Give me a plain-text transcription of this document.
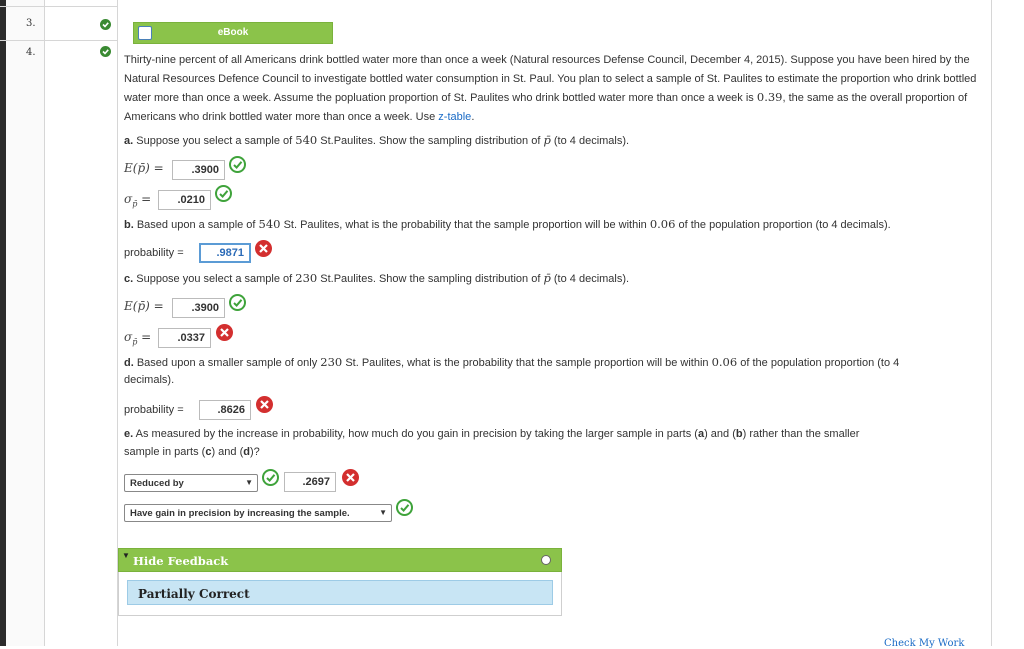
3.
4.
eBook
Thirty-nine percent of all Americans drink bottled water more than once a week (Natural resources Defense Council, December 4, 2015). Suppose you have been hired by the Natural Resources Defence Council to investigate bottled water consumption in St. Paul. You plan to select a sample of St. Paulites to estimate the proportion who drink bottled water more than once a week. Assume the popluation proportion of St. Paulites who drink bottled water more than once a week is 0.39, the same as the overall proportion of Americans who drink bottled water more than once a week. Use z-table.
a. Suppose you select a sample of 540 St.Paulites. Show the sampling distribution of p̄ (to 4 decimals).
E(p̄) =	.3900
$\sigma_{p̄}$ =	.0210
b. Based upon a sample of 540 St. Paulites, what is the probability that the sample proportion will be within 0.06 of the population proportion (to 4 decimals).
probability =	.9871
c. Suppose you select a sample of 230 St.Paulites. Show the sampling distribution of p̄ (to 4 decimals).
E(p̄) =	.3900
$\sigma_{p̄}$ =	.0337
d. Based upon a smaller sample of only 230 St. Paulites, what is the probability that the sample proportion will be within 0.06 of the population proportion (to 4
decimals).
probability =	.8626
e. As measured by the increase in probability, how much do you gain in precision by taking the larger sample in parts (a) and (b) rather than the smaller
sample in parts (c) and (d)?
Reduced by	▼	.2697
Have gain in precision by increasing the sample.	▼
▼ Hide Feedback
Partially Correct
Check My Work
